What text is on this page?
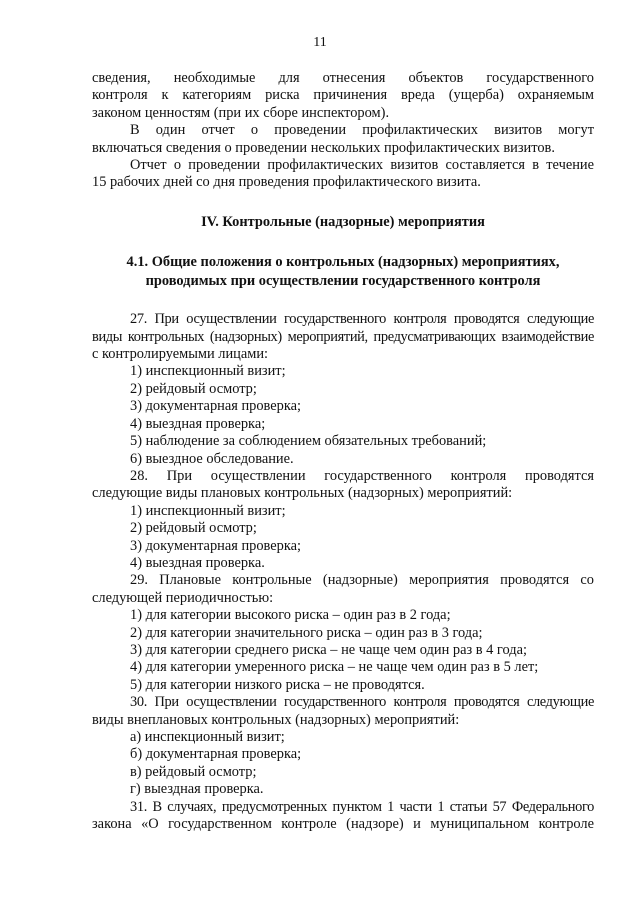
11
сведения, необходимые для отнесения объектов государственного
контроля к категориям риска причинения вреда (ущерба) охраняемым
законом ценностям (при их сборе инспектором).
В один отчет о проведении профилактических визитов могут
включаться сведения о проведении нескольких профилактических визитов.
Отчет о проведении профилактических визитов составляется в течение
15 рабочих дней со дня проведения профилактического визита.
IV. Контрольные (надзорные) мероприятия
4.1. Общие положения о контрольных (надзорных) мероприятиях,
проводимых при осуществлении государственного контроля
27. При осуществлении государственного контроля проводятся следующие
виды контрольных (надзорных) мероприятий, предусматривающих взаимодействие
с контролируемыми лицами:
1) инспекционный визит;
2) рейдовый осмотр;
3) документарная проверка;
4) выездная проверка;
5) наблюдение за соблюдением обязательных требований;
6) выездное обследование.
28. При осуществлении государственного контроля проводятся
следующие виды плановых контрольных (надзорных) мероприятий:
1) инспекционный визит;
2) рейдовый осмотр;
3) документарная проверка;
4) выездная проверка.
29. Плановые контрольные (надзорные) мероприятия проводятся со
следующей периодичностью:
1) для категории высокого риска – один раз в 2 года;
2) для категории значительного риска – один раз в 3 года;
3) для категории среднего риска – не чаще чем один раз в 4 года;
4) для категории умеренного риска – не чаще чем один раз в 5 лет;
5) для категории низкого риска – не проводятся.
30. При осуществлении государственного контроля проводятся следующие
виды внеплановых контрольных (надзорных) мероприятий:
а) инспекционный визит;
б) документарная проверка;
в) рейдовый осмотр;
г) выездная проверка.
31. В случаях, предусмотренных пунктом 1 части 1 статьи 57 Федерального
закона «О государственном контроле (надзоре) и муниципальном контроле
